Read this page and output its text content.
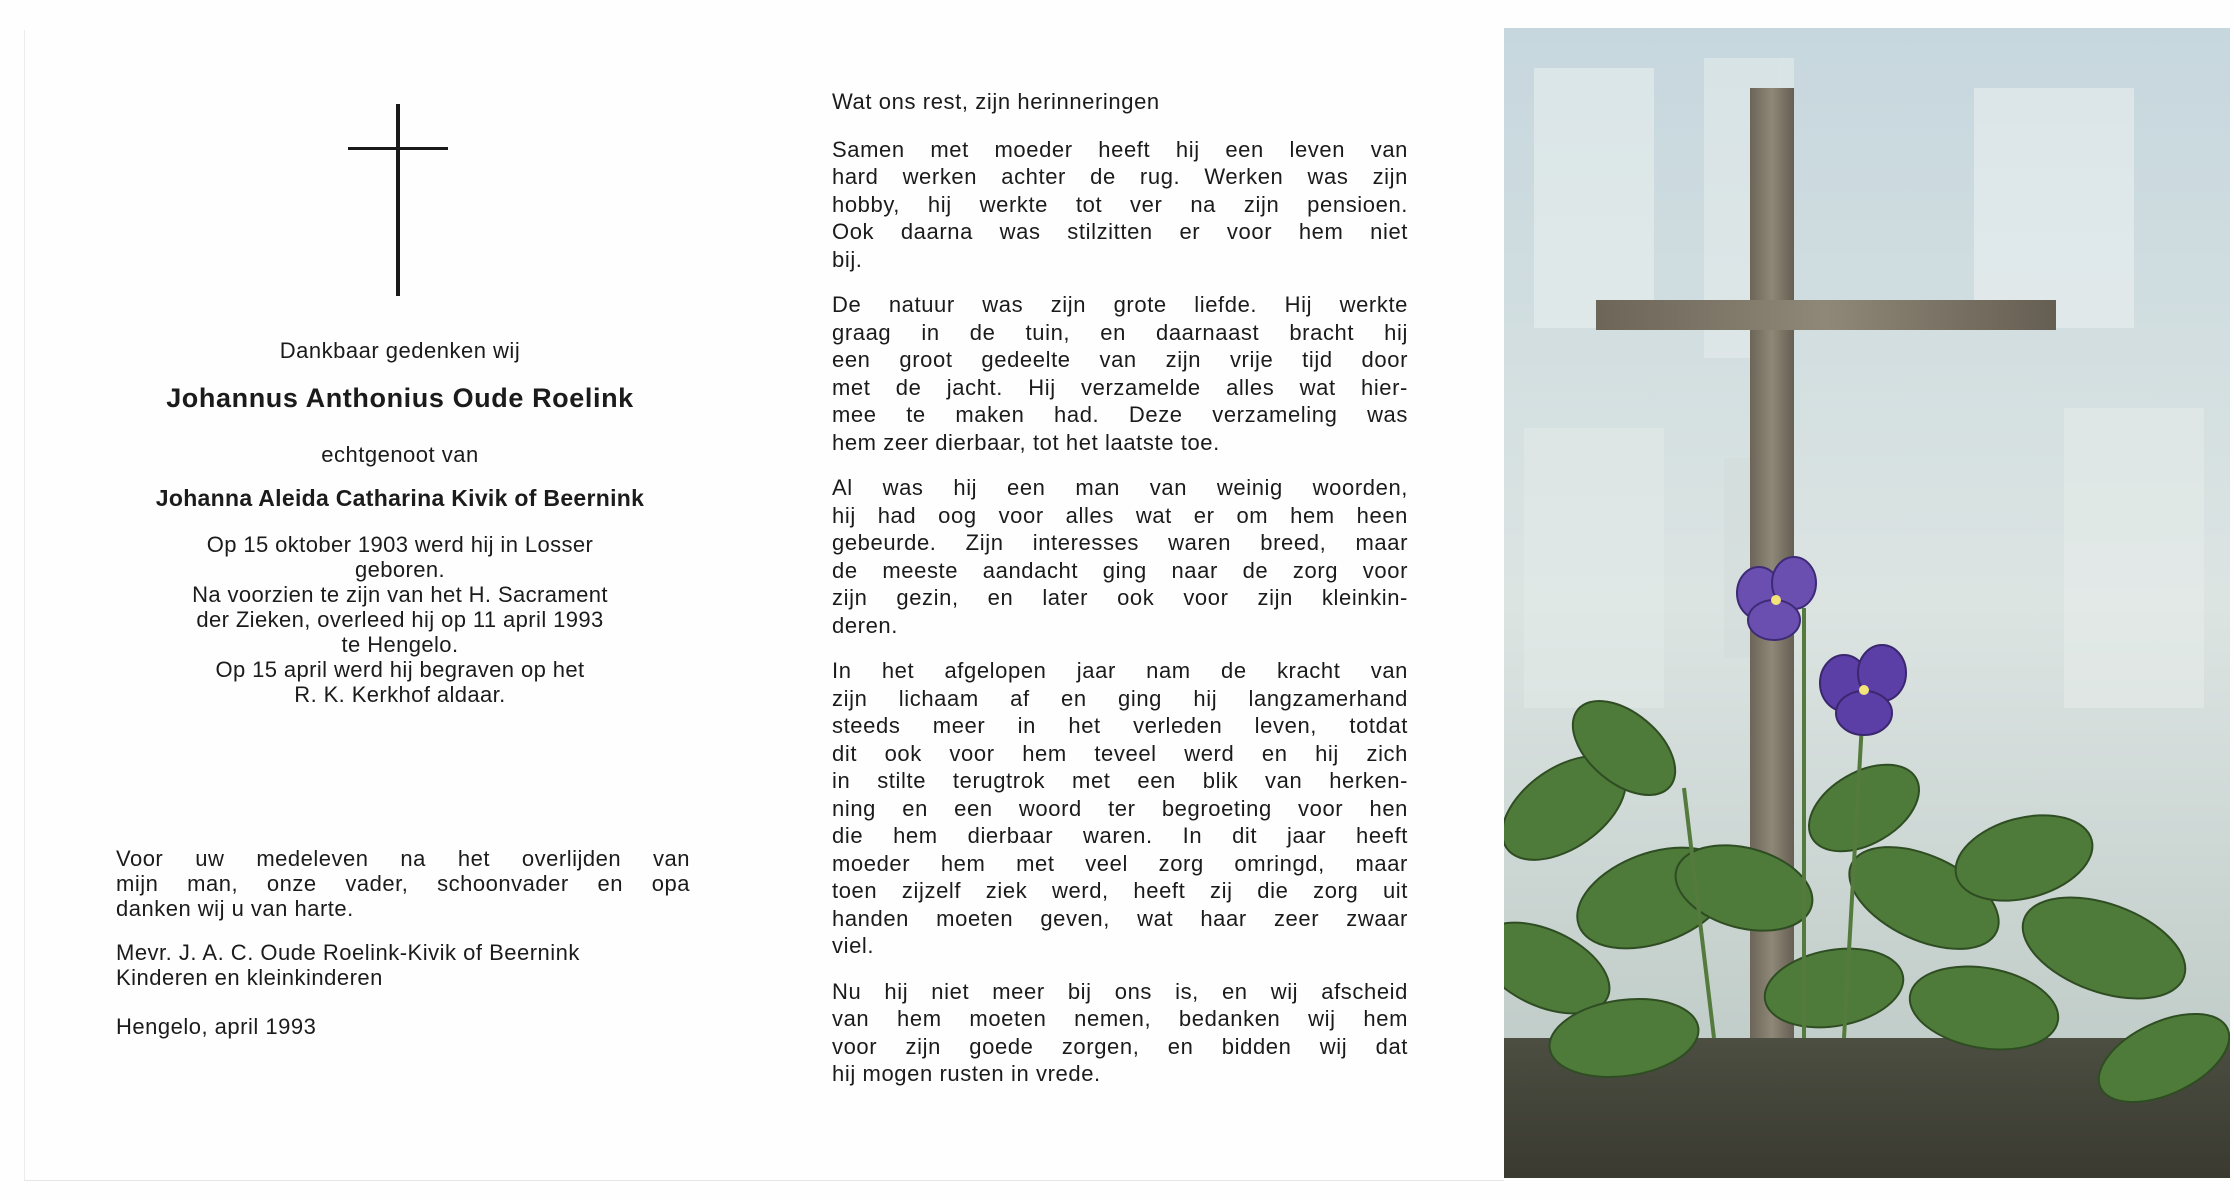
Dankbaar gedenken wij
Johannus Anthonius Oude Roelink
echtgenoot van
Johanna Aleida Catharina Kivik of Beernink
Op 15 oktober 1903 werd hij in Losser
geboren.
Na voorzien te zijn van het H. Sacrament
der Zieken, overleed hij op 11 april 1993
te Hengelo.
Op 15 april werd hij begraven op het
R. K. Kerkhof aldaar.
Voor uw medeleven na het overlijden van
mijn man, onze vader, schoonvader en opa
danken wij u van harte.
Mevr. J. A. C. Oude Roelink-Kivik of Beernink
Kinderen en kleinkinderen
Hengelo, april 1993
Wat ons rest, zijn herinneringen
Samen met moeder heeft hij een leven van
hard werken achter de rug. Werken was zijn
hobby, hij werkte tot ver na zijn pensioen.
Ook daarna was stilzitten er voor hem niet
bij.
De natuur was zijn grote liefde. Hij werkte
graag in de tuin, en daarnaast bracht hij
een groot gedeelte van zijn vrije tijd door
met de jacht. Hij verzamelde alles wat hier-
mee te maken had. Deze verzameling was
hem zeer dierbaar, tot het laatste toe.
Al was hij een man van weinig woorden,
hij had oog voor alles wat er om hem heen
gebeurde. Zijn interesses waren breed, maar
de meeste aandacht ging naar de zorg voor
zijn gezin, en later ook voor zijn kleinkin-
deren.
In het afgelopen jaar nam de kracht van
zijn lichaam af en ging hij langzamerhand
steeds meer in het verleden leven, totdat
dit ook voor hem teveel werd en hij zich
in stilte terugtrok met een blik van herken-
ning en een woord ter begroeting voor hen
die hem dierbaar waren. In dit jaar heeft
moeder hem met veel zorg omringd, maar
toen zijzelf ziek werd, heeft zij die zorg uit
handen moeten geven, wat haar zeer zwaar
viel.
Nu hij niet meer bij ons is, en wij afscheid
van hem moeten nemen, bedanken wij hem
voor zijn goede zorgen, en bidden wij dat
hij mogen rusten in vrede.
